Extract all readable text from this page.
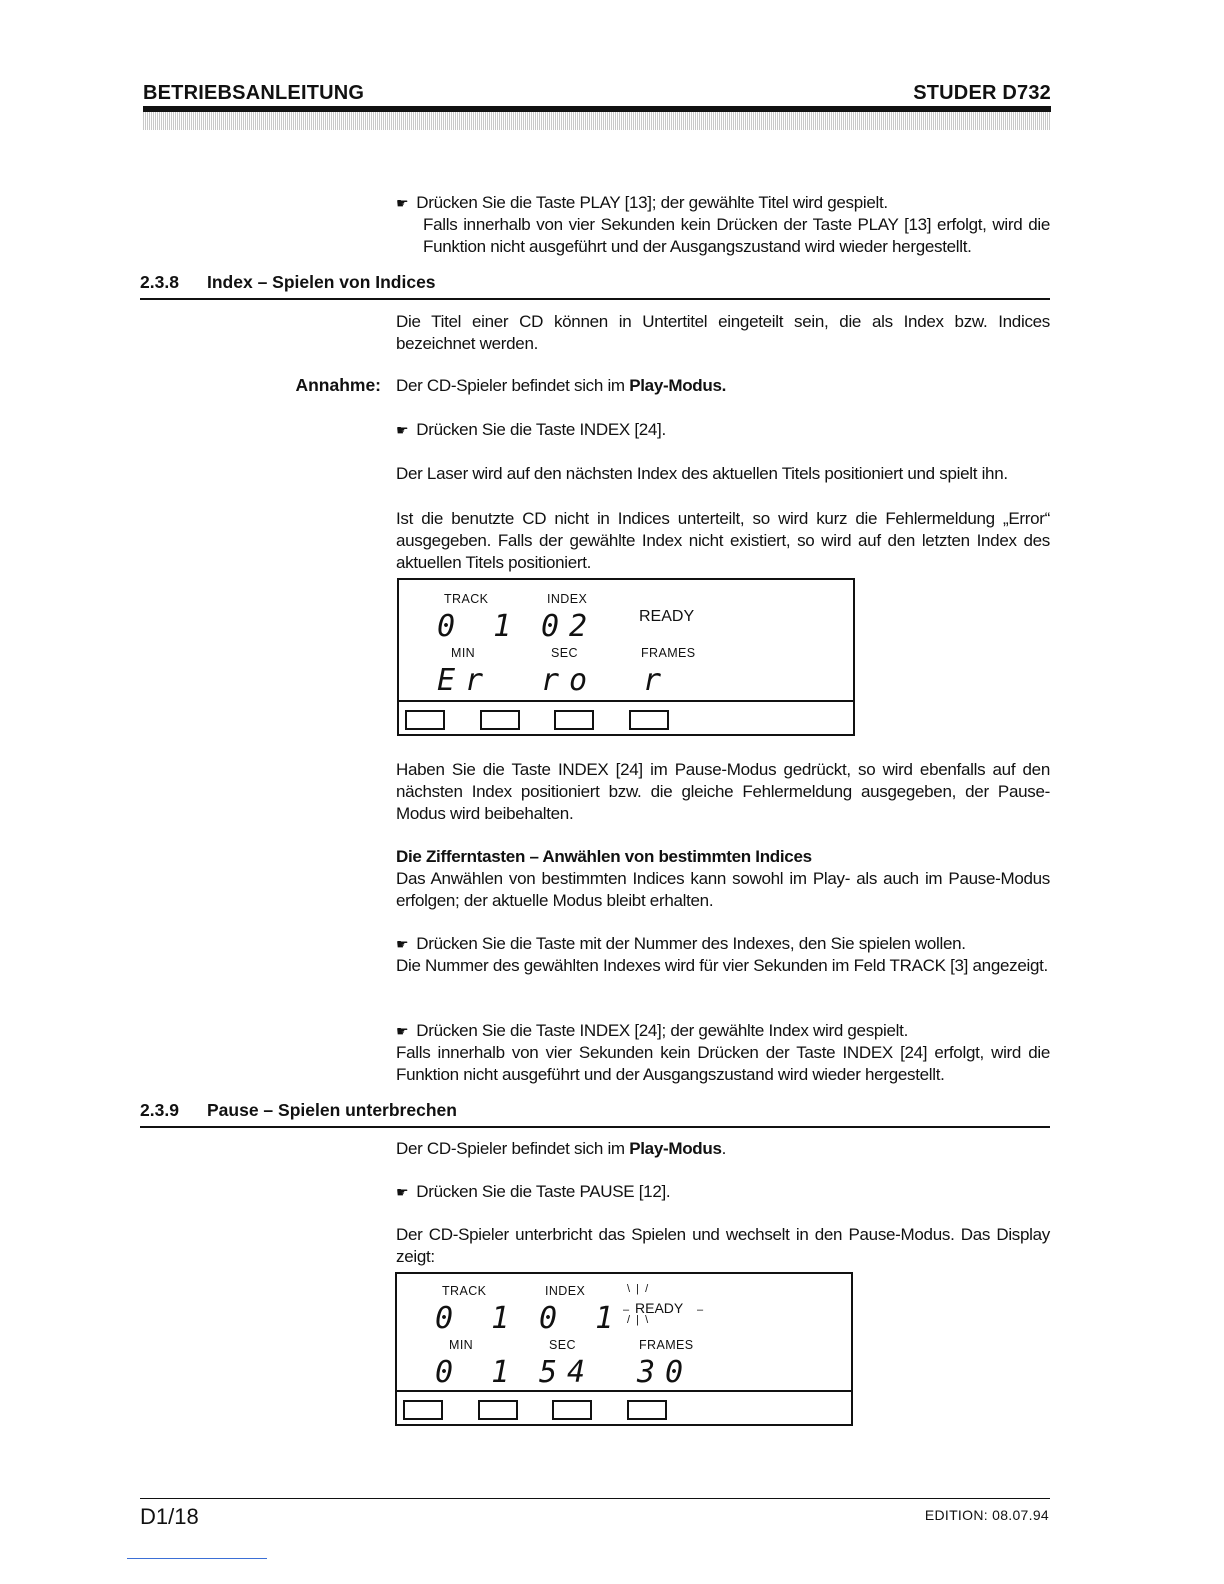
BETRIEBSANLEITUNG	STUDER D732
☛ Drücken Sie die Taste PLAY [13]; der gewählte Titel wird gespielt.
Falls innerhalb von vier Sekunden kein Drücken der Taste PLAY [13] erfolgt, wird die Funktion nicht ausgeführt und der Ausgangszustand wird wieder hergestellt.
2.3.8 Index – Spielen von Indices
Die Titel einer CD können in Untertitel eingeteilt sein, die als Index bzw. Indices bezeichnet werden.
Annahme: Der CD-Spieler befindet sich im Play-Modus.
☛ Drücken Sie die Taste INDEX [24].
Der Laser wird auf den nächsten Index des aktuellen Titels positioniert und spielt ihn.
Ist die benutzte CD nicht in Indices unterteilt, so wird kurz die Fehlermeldung „Error“ ausgegeben. Falls der gewählte Index nicht existiert, so wird auf den letzten Index des aktuellen Titels positioniert.
TRACK	INDEX
READY
0 1 02
MIN	SEC	FRAMES
Er ro r
Haben Sie die Taste INDEX [24] im Pause-Modus gedrückt, so wird ebenfalls auf den nächsten Index positioniert bzw. die gleiche Fehlermeldung ausgegeben, der Pause-Modus wird beibehalten.
Die Zifferntasten – Anwählen von bestimmten Indices
Das Anwählen von bestimmten Indices kann sowohl im Play- als auch im Pause-Modus erfolgen; der aktuelle Modus bleibt erhalten.
☛ Drücken Sie die Taste mit der Nummer des Indexes, den Sie spielen wollen.
Die Nummer des gewählten Indexes wird für vier Sekunden im Feld TRACK [3] angezeigt.
☛ Drücken Sie die Taste INDEX [24]; der gewählte Index wird gespielt.
Falls innerhalb von vier Sekunden kein Drücken der Taste INDEX [24] erfolgt, wird die Funktion nicht ausgeführt und der Ausgangszustand wird wieder hergestellt.
2.3.9 Pause – Spielen unterbrechen
Der CD-Spieler befindet sich im Play-Modus.
☛ Drücken Sie die Taste PAUSE [12].
Der CD-Spieler unterbricht das Spielen und wechselt in den Pause-Modus. Das Display zeigt:
TRACK	INDEX	\  |  /
– READY –
/  |  \
0 1 0 1
MIN	SEC	FRAMES
0 1 54 30
D1/18	EDITION: 08.07.94
